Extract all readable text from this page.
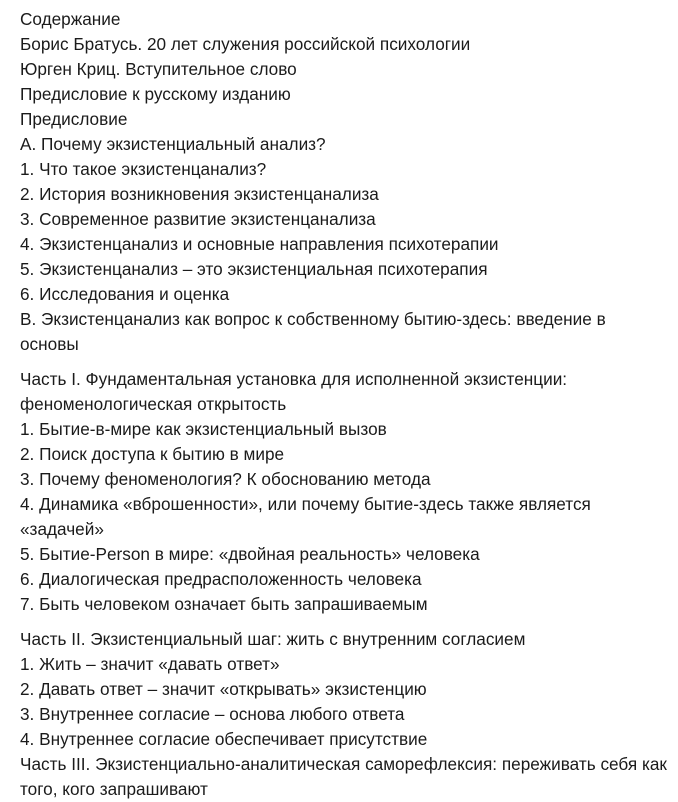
Содержание
Борис Братусь. 20 лет служения российской психологии
Юрген Криц. Вступительное слово
Предисловие к русскому изданию
Предисловие
A. Почему экзистенциальный анализ?
1. Что такое экзистенцанализ?
2. История возникновения экзистенцанализа
3. Современное развитие экзистенцанализа
4. Экзистенцанализ и основные направления психотерапии
5. Экзистенцанализ – это экзистенциальная психотерапия
6. Исследования и оценка
B. Экзистенцанализ как вопрос к собственному бытию-здесь: введение в основы
Часть I. Фундаментальная установка для исполненной экзистенции: феноменологическая открытость
1. Бытие-в-мире как экзистенциальный вызов
2. Поиск доступа к бытию в мире
3. Почему феноменология? К обоснованию метода
4. Динамика «вброшенности», или почему бытие-здесь также является «задачей»
5. Бытие-Person в мире: «двойная реальность» человека
6. Диалогическая предрасположенность человека
7. Быть человеком означает быть запрашиваемым
Часть II. Экзистенциальный шаг: жить с внутренним согласием
1. Жить – значит «давать ответ»
2. Давать ответ – значит «открывать» экзистенцию
3. Внутреннее согласие – основа любого ответа
4. Внутреннее согласие обеспечивает присутствие
Часть III. Экзистенциально-аналитическая саморефлексия: переживать себя как того, кого запрашивают
